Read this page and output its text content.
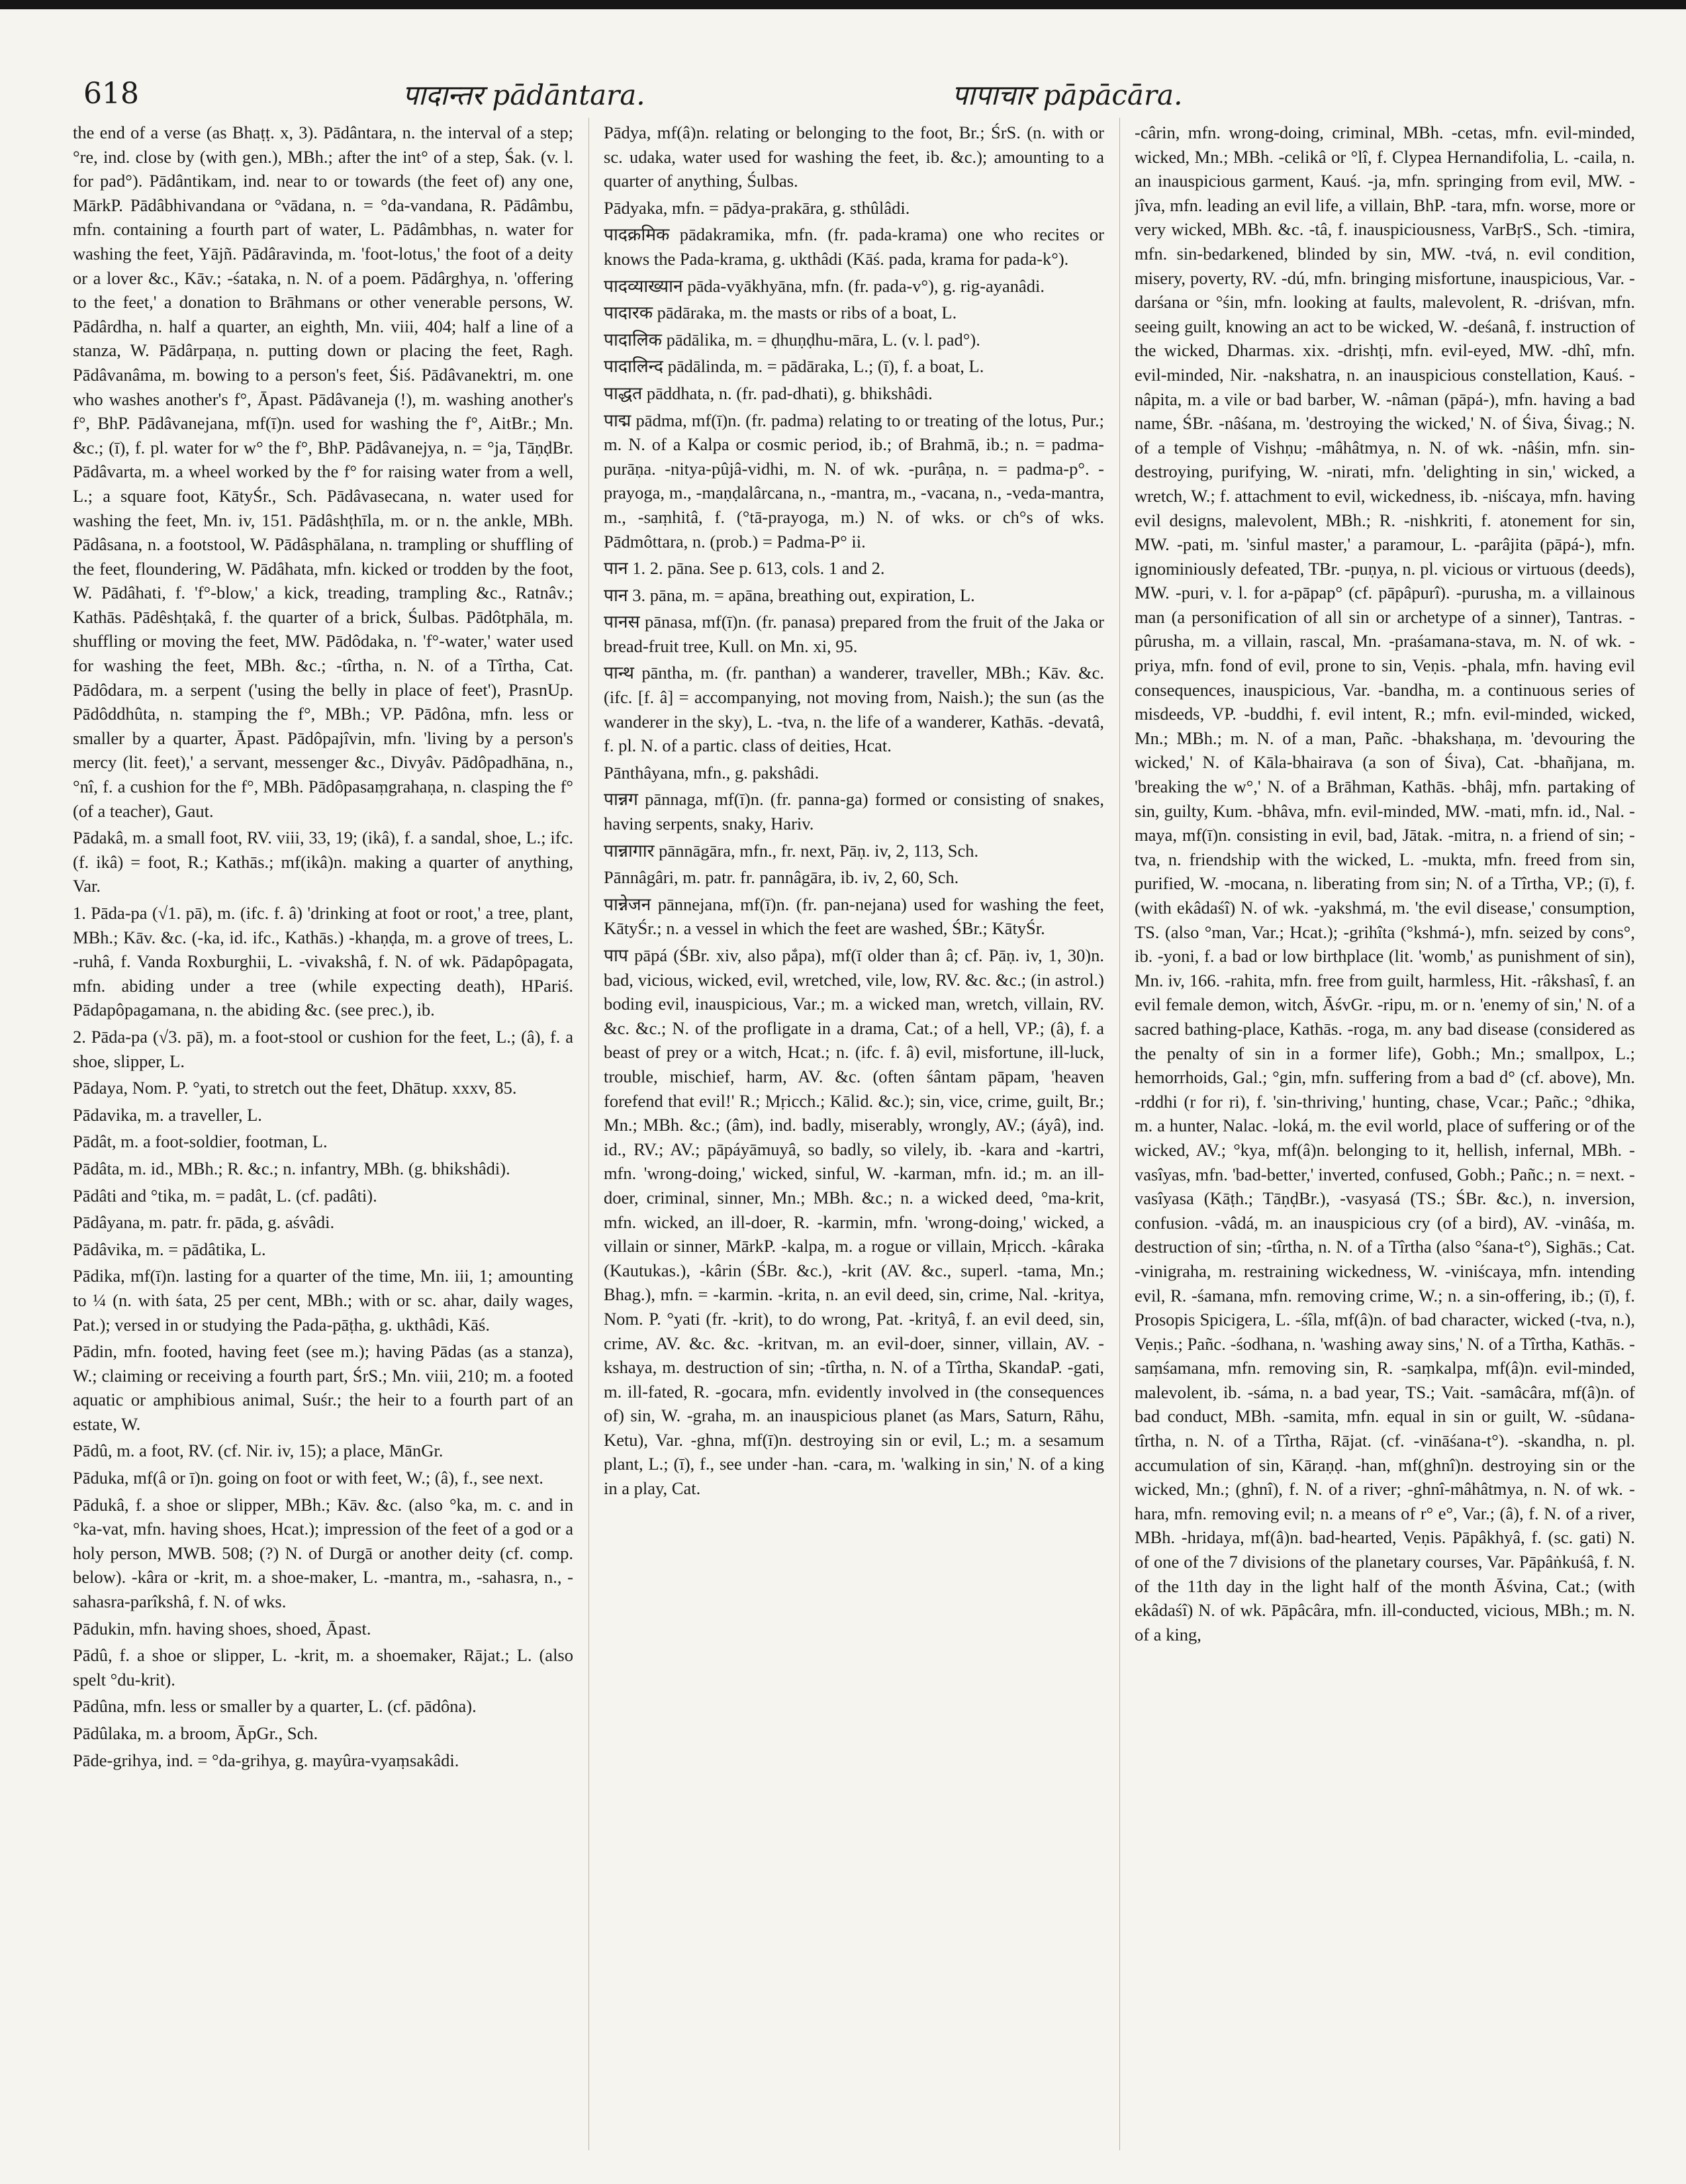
618	पादान्तर pādāntara.	पापाचार pāpācāra.

the end of a verse (as Bhaṭṭ. x, 3). Pādântara, n. the interval of a step; °re, ind. close by (with gen.), MBh.; after the int° of a step, Śak. (v. l. for pad°). Pādântikam, ind. near to or towards (the feet of) any one, MārkP. Pādâbhivandana or °vādana, n. = °da-vandana, R. Pādâmbu, mfn. containing a fourth part of water, L. Pādâmbhas, n. water for washing the feet, Yājñ. Pādâravinda, m. 'foot-lotus,' the foot of a deity or a lover &c., Kāv.; -śataka, n. N. of a poem. Pādârghya, n. 'offering to the feet,' a donation to Brāhmans or other venerable persons, W. Pādârdha, n. half a quarter, an eighth, Mn. viii, 404; half a line of a stanza, W. Pādârpaṇa, n. putting down or placing the feet, Ragh. Pādâvanâma, m. bowing to a person's feet, Śiś. Pādâvanektri, m. one who washes another's f°, Āpast. Pādâvaneja (!), m. washing another's f°, BhP. Pādâvanejana, mf(ī)n. used for washing the f°, AitBr.; Mn. &c.; (ī), f. pl. water for w° the f°, BhP. Pādâvanejya, n. = °ja, TāṇḍBr. Pādâvarta, m. a wheel worked by the f° for raising water from a well, L.; a square foot, KātyŚr., Sch. Pādâvasecana, n. water used for washing the feet, Mn. iv, 151. Pādâshṭhīla, m. or n. the ankle, MBh. Pādâsana, n. a footstool, W. Pādâsphālana, n. trampling or shuffling of the feet, floundering, W. Pādâhata, mfn. kicked or trodden by the foot, W. Pādâhati, f. 'f°-blow,' a kick, treading, trampling &c., Ratnâv.; Kathās. Pādêshṭakâ, f. the quarter of a brick, Śulbas. Pādôtphāla, m. shuffling or moving the feet, MW. Pādôdaka, n. 'f°-water,' water used for washing the feet, MBh. &c.; -tîrtha, n. N. of a Tîrtha, Cat. Pādôdara, m. a serpent ('using the belly in place of feet'), PrasnUp. Pādôddhûta, n. stamping the f°, MBh.; VP. Pādôna, mfn. less or smaller by a quarter, Āpast. Pādôpajîvin, mfn. 'living by a person's mercy (lit. feet),' a servant, messenger &c., Divyâv. Pādôpadhāna, n., °nî, f. a cushion for the f°, MBh. Pādôpasaṃgrahaṇa, n. clasping the f° (of a teacher), Gaut.

Pādakâ, m. a small foot, RV. viii, 33, 19; (ikâ), f. a sandal, shoe, L.; ifc. (f. ikâ) = foot, R.; Kathās.; mf(ikâ)n. making a quarter of anything, Var.

1. Pāda-pa (√1. pā), m. (ifc. f. â) 'drinking at foot or root,' a tree, plant, MBh.; Kāv. &c. (-ka, id. ifc., Kathās.) -khaṇḍa, m. a grove of trees, L. -ruhâ, f. Vanda Roxburghii, L. -vivakshâ, f. N. of wk. Pādapôpagata, mfn. abiding under a tree (while expecting death), HPariś. Pādapôpagamana, n. the abiding &c. (see prec.), ib.

2. Pāda-pa (√3. pā), m. a foot-stool or cushion for the feet, L.; (â), f. a shoe, slipper, L.

Pādaya, Nom. P. °yati, to stretch out the feet, Dhātup. xxxv, 85.

Pādavika, m. a traveller, L.

Pādât, m. a foot-soldier, footman, L.

Pādâta, m. id., MBh.; R. &c.; n. infantry, MBh. (g. bhikshâdi).

Pādâti and °tika, m. = padât, L. (cf. padâti).

Pādâyana, m. patr. fr. pāda, g. aśvâdi.

Pādâvika, m. = pādâtika, L.

Pādika, mf(ī)n. lasting for a quarter of the time, Mn. iii, 1; amounting to ¼ (n. with śata, 25 per cent, MBh.; with or sc. ahar, daily wages, Pat.); versed in or studying the Pada-pāṭha, g. ukthâdi, Kāś.

Pādin, mfn. footed, having feet (see m.); having Pādas (as a stanza), W.; claiming or receiving a fourth part, ŚrS.; Mn. viii, 210; m. a footed aquatic or amphibious animal, Suśr.; the heir to a fourth part of an estate, W.

Pādû, m. a foot, RV. (cf. Nir. iv, 15); a place, MānGr.

Pāduka, mf(â or ī)n. going on foot or with feet, W.; (â), f., see next.

Pādukâ, f. a shoe or slipper, MBh.; Kāv. &c. (also °ka, m. c. and in °ka-vat, mfn. having shoes, Hcat.); impression of the feet of a god or a holy person, MWB. 508; (?) N. of Durgā or another deity (cf. comp. below). -kâra or -krit, m. a shoe-maker, L. -mantra, m., -sahasra, n., -sahasra-parîkshâ, f. N. of wks.

Pādukin, mfn. having shoes, shoed, Āpast.

Pādû, f. a shoe or slipper, L. -krit, m. a shoemaker, Rājat.; L. (also spelt °du-krit).

Pādûna, mfn. less or smaller by a quarter, L. (cf. pādôna).

Pādûlaka, m. a broom, ĀpGr., Sch.

Pāde-grihya, ind. = °da-grihya, g. mayûra-vyaṃsakâdi.

Pādya, mf(â)n. relating or belonging to the foot, Br.; ŚrS. (n. with or sc. udaka, water used for washing the feet, ib. &c.); amounting to a quarter of anything, Śulbas.

Pādyaka, mfn. = pādya-prakāra, g. sthûlâdi.

पादक्रमिक pādakramika, mfn. (fr. pada-krama) one who recites or knows the Pada-krama, g. ukthâdi (Kāś. pada, krama for pada-k°).

पादव्याख्यान pāda-vyākhyāna, mfn. (fr. pada-v°), g. rig-ayanâdi.

पादारक pādāraka, m. the masts or ribs of a boat, L.

पादालिक pādālika, m. = ḍhuṇḍhu-māra, L. (v. l. pad°).

पादालिन्द pādālinda, m. = pādāraka, L.; (ī), f. a boat, L.

पाद्धत pāddhata, n. (fr. pad-dhati), g. bhikshâdi.

पाद्म pādma, mf(ī)n. (fr. padma) relating to or treating of the lotus, Pur.; m. N. of a Kalpa or cosmic period, ib.; of Brahmā, ib.; n. = padma-purāṇa. -nitya-pûjâ-vidhi, m. N. of wk. -purâṇa, n. = padma-p°. -prayoga, m., -maṇḍalârcana, n., -mantra, m., -vacana, n., -veda-mantra, m., -saṃhitâ, f. (°tā-prayoga, m.) N. of wks. or ch°s of wks. Pādmôttara, n. (prob.) = Padma-P° ii.

पान 1. 2. pāna. See p. 613, cols. 1 and 2.

पान 3. pāna, m. = apāna, breathing out, expiration, L.

पानस pānasa, mf(ī)n. (fr. panasa) prepared from the fruit of the Jaka or bread-fruit tree, Kull. on Mn. xi, 95.

पान्थ pāntha, m. (fr. panthan) a wanderer, traveller, MBh.; Kāv. &c. (ifc. [f. â] = accompanying, not moving from, Naish.); the sun (as the wanderer in the sky), L. -tva, n. the life of a wanderer, Kathās. -devatâ, f. pl. N. of a partic. class of deities, Hcat.

Pānthâyana, mfn., g. pakshâdi.

पान्नग pānnaga, mf(ī)n. (fr. panna-ga) formed or consisting of snakes, having serpents, snaky, Hariv.

पान्नागार pānnāgāra, mfn., fr. next, Pāṇ. iv, 2, 113, Sch.

Pānnâgâri, m. patr. fr. pannâgāra, ib. iv, 2, 60, Sch.

पान्नेजन pānnejana, mf(ī)n. (fr. pan-nejana) used for washing the feet, KātyŚr.; n. a vessel in which the feet are washed, ŚBr.; KātyŚr.

पाप pāpá (ŚBr. xiv, also pắpa), mf(ī older than â; cf. Pāṇ. iv, 1, 30)n. bad, vicious, wicked, evil, wretched, vile, low, RV. &c. &c.; (in astrol.) boding evil, inauspicious, Var.; m. a wicked man, wretch, villain, RV. &c. &c.; N. of the profligate in a drama, Cat.; of a hell, VP.; (â), f. a beast of prey or a witch, Hcat.; n. (ifc. f. â) evil, misfortune, ill-luck, trouble, mischief, harm, AV. &c. (often śântam pāpam, 'heaven forefend that evil!' R.; Mṛicch.; Kālid. &c.); sin, vice, crime, guilt, Br.; Mn.; MBh. &c.; (âm), ind. badly, miserably, wrongly, AV.; (áyâ), ind. id., RV.; AV.; pāpáyāmuyâ, so badly, so vilely, ib. -kara and -kartri, mfn. 'wrong-doing,' wicked, sinful, W. -karman, mfn. id.; m. an ill-doer, criminal, sinner, Mn.; MBh. &c.; n. a wicked deed, °ma-krit, mfn. wicked, an ill-doer, R. -karmin, mfn. 'wrong-doing,' wicked, a villain or sinner, MārkP. -kalpa, m. a rogue or villain, Mṛicch. -kâraka (Kautukas.), -kârin (ŚBr. &c.), -krit (AV. &c., superl. -tama, Mn.; Bhag.), mfn. = -karmin. -krita, n. an evil deed, sin, crime, Nal. -kritya, Nom. P. °yati (fr. -krit), to do wrong, Pat. -krityâ, f. an evil deed, sin, crime, AV. &c. &c. -kritvan, m. an evil-doer, sinner, villain, AV. -kshaya, m. destruction of sin; -tîrtha, n. N. of a Tîrtha, SkandaP. -gati, m. ill-fated, R. -gocara, mfn. evidently involved in (the consequences of) sin, W. -graha, m. an inauspicious planet (as Mars, Saturn, Rāhu, Ketu), Var. -ghna, mf(ī)n. destroying sin or evil, L.; m. a sesamum plant, L.; (ī), f., see under -han. -cara, m. 'walking in sin,' N. of a king in a play, Cat.

-cârin, mfn. wrong-doing, criminal, MBh. -cetas, mfn. evil-minded, wicked, Mn.; MBh. -celikâ or °lî, f. Clypea Hernandifolia, L. -caila, n. an inauspicious garment, Kauś. -ja, mfn. springing from evil, MW. -jîva, mfn. leading an evil life, a villain, BhP. -tara, mfn. worse, more or very wicked, MBh. &c. -tâ, f. inauspiciousness, VarBṛS., Sch. -timira, mfn. sin-bedarkened, blinded by sin, MW. -tvá, n. evil condition, misery, poverty, RV. -dú, mfn. bringing misfortune, inauspicious, Var. -darśana or °śin, mfn. looking at faults, malevolent, R. -driśvan, mfn. seeing guilt, knowing an act to be wicked, W. -deśanâ, f. instruction of the wicked, Dharmas. xix. -drishṭi, mfn. evil-eyed, MW. -dhî, mfn. evil-minded, Nir. -nakshatra, n. an inauspicious constellation, Kauś. -nâpita, m. a vile or bad barber, W. -nâman (pāpá-), mfn. having a bad name, ŚBr. -nâśana, m. 'destroying the wicked,' N. of Śiva, Śivag.; N. of a temple of Vishṇu; -mâhâtmya, n. N. of wk. -nâśin, mfn. sin-destroying, purifying, W. -nirati, mfn. 'delighting in sin,' wicked, a wretch, W.; f. attachment to evil, wickedness, ib. -niścaya, mfn. having evil designs, malevolent, MBh.; R. -nishkriti, f. atonement for sin, MW. -pati, m. 'sinful master,' a paramour, L. -parâjita (pāpá-), mfn. ignominiously defeated, TBr. -puṇya, n. pl. vicious or virtuous (deeds), MW. -puri, v. l. for a-pāpap° (cf. pāpâpurî). -purusha, m. a villainous man (a personification of all sin or archetype of a sinner), Tantras. -pûrusha, m. a villain, rascal, Mn. -praśamana-stava, m. N. of wk. -priya, mfn. fond of evil, prone to sin, Veṇis. -phala, mfn. having evil consequences, inauspicious, Var. -bandha, m. a continuous series of misdeeds, VP. -buddhi, f. evil intent, R.; mfn. evil-minded, wicked, Mn.; MBh.; m. N. of a man, Pañc. -bhakshaṇa, m. 'devouring the wicked,' N. of Kāla-bhairava (a son of Śiva), Cat. -bhañjana, m. 'breaking the w°,' N. of a Brāhman, Kathās. -bhâj, mfn. partaking of sin, guilty, Kum. -bhâva, mfn. evil-minded, MW. -mati, mfn. id., Nal. -maya, mf(ī)n. consisting in evil, bad, Jātak. -mitra, n. a friend of sin; -tva, n. friendship with the wicked, L. -mukta, mfn. freed from sin, purified, W. -mocana, n. liberating from sin; N. of a Tîrtha, VP.; (ī), f. (with ekâdaśî) N. of wk. -yakshmá, m. 'the evil disease,' consumption, TS. (also °man, Var.; Hcat.); -grihîta (°kshmá-), mfn. seized by cons°, ib. -yoni, f. a bad or low birthplace (lit. 'womb,' as punishment of sin), Mn. iv, 166. -rahita, mfn. free from guilt, harmless, Hit. -râkshasî, f. an evil female demon, witch, ĀśvGr. -ripu, m. or n. 'enemy of sin,' N. of a sacred bathing-place, Kathās. -roga, m. any bad disease (considered as the penalty of sin in a former life), Gobh.; Mn.; smallpox, L.; hemorrhoids, Gal.; °gin, mfn. suffering from a bad d° (cf. above), Mn. -rddhi (r for ri), f. 'sin-thriving,' hunting, chase, Vcar.; Pañc.; °dhika, m. a hunter, Nalac. -loká, m. the evil world, place of suffering or of the wicked, AV.; °kya, mf(â)n. belonging to it, hellish, infernal, MBh. -vasîyas, mfn. 'bad-better,' inverted, confused, Gobh.; Pañc.; n. = next. -vasîyasa (Kāṭh.; TāṇḍBr.), -vasyasá (TS.; ŚBr. &c.), n. inversion, confusion. -vâdá, m. an inauspicious cry (of a bird), AV. -vinâśa, m. destruction of sin; -tîrtha, n. N. of a Tîrtha (also °śana-t°), Sighās.; Cat. -vinigraha, m. restraining wickedness, W. -viniścaya, mfn. intending evil, R. -śamana, mfn. removing crime, W.; n. a sin-offering, ib.; (ī), f. Prosopis Spicigera, L. -śîla, mf(â)n. of bad character, wicked (-tva, n.), Veṇis.; Pañc. -śodhana, n. 'washing away sins,' N. of a Tîrtha, Kathās. -saṃśamana, mfn. removing sin, R. -saṃkalpa, mf(â)n. evil-minded, malevolent, ib. -sáma, n. a bad year, TS.; Vait. -samâcâra, mf(â)n. of bad conduct, MBh. -samita, mfn. equal in sin or guilt, W. -sûdana-tîrtha, n. N. of a Tîrtha, Rājat. (cf. -vināśana-t°). -skandha, n. pl. accumulation of sin, Kāraṇḍ. -han, mf(ghnî)n. destroying sin or the wicked, Mn.; (ghnî), f. N. of a river; -ghnî-mâhâtmya, n. N. of wk. -hara, mfn. removing evil; n. a means of r° e°, Var.; (â), f. N. of a river, MBh. -hridaya, mf(â)n. bad-hearted, Veṇis. Pāpâkhyâ, f. (sc. gati) N. of one of the 7 divisions of the planetary courses, Var. Pāpâṅkuśâ, f. N. of the 11th day in the light half of the month Āśvina, Cat.; (with ekâdaśî) N. of wk. Pāpâcâra, mfn. ill-conducted, vicious, MBh.; m. N. of a king,
